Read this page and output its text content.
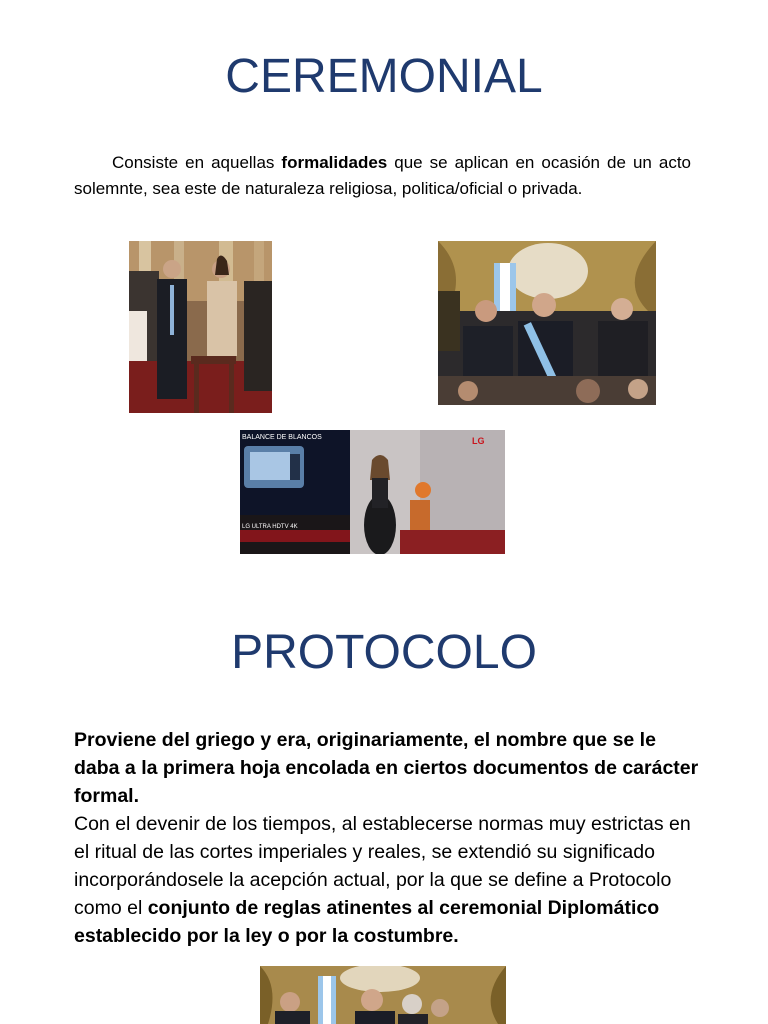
CEREMONIAL

Consiste en aquellas formalidades que se aplican en ocasión de un acto solemnte, sea este de naturaleza religiosa, politica/oficial o privada.

BALANCE DE BLANCOS	LG
LG ULTRA HDTV 4K
PROTOCOLO

Proviene del griego y era, originariamente, el nombre que se le daba a la primera hoja encolada en ciertos documentos de carácter formal.
Con el devenir de los tiempos, al establecerse normas muy estrictas en el ritual de las cortes imperiales y reales, se extendió su significado incorporándosele la acepción actual, por la que se define a Protocolo como el conjunto de reglas atinentes al ceremonial Diplomático establecido por la ley o por la costumbre.
